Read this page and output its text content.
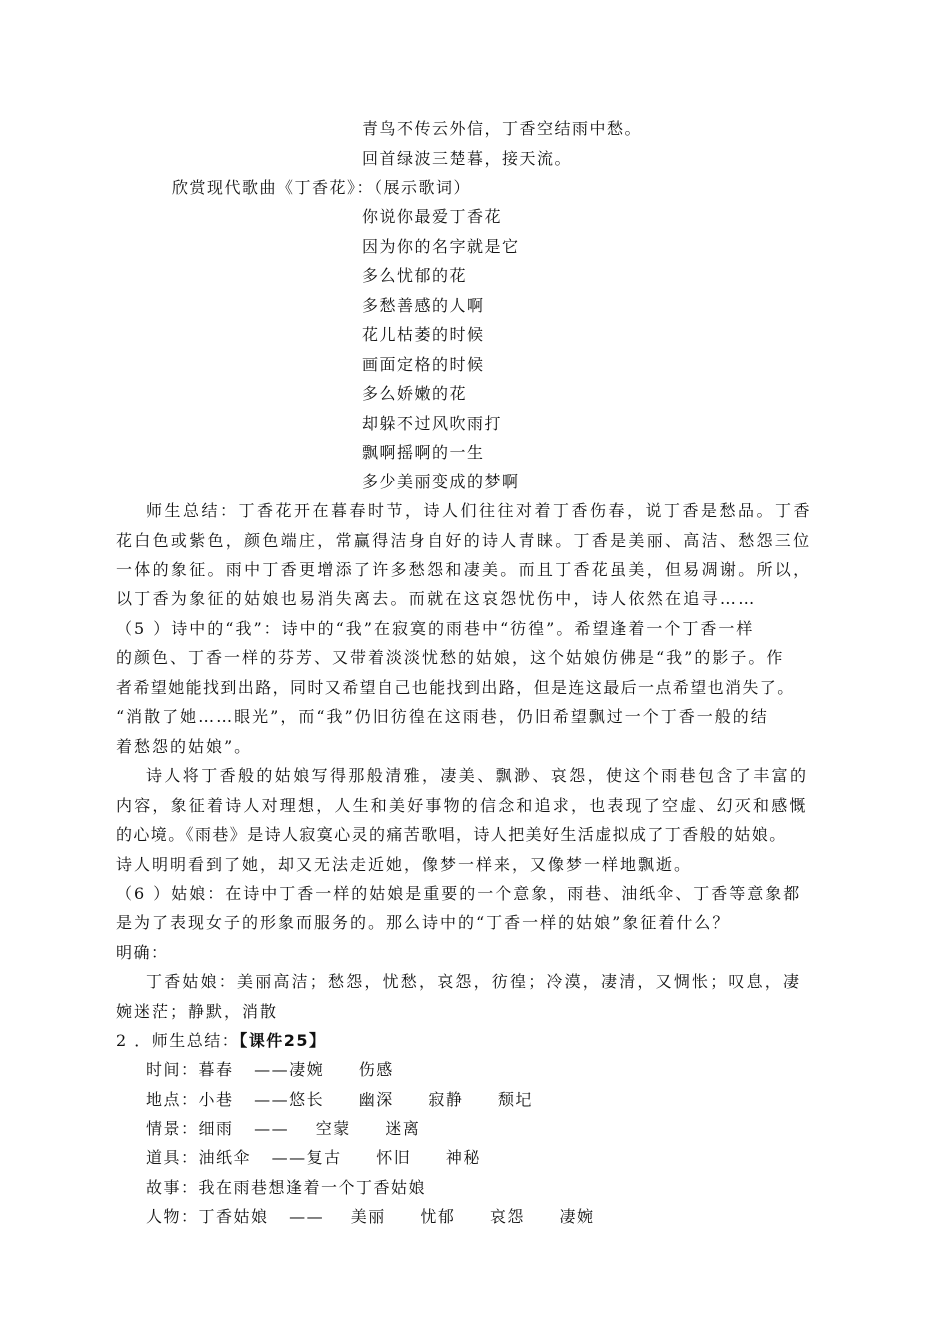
青鸟不传云外信，丁香空结雨中愁。
回首绿波三楚暮，接天流。
欣赏现代歌曲《丁香花》：（展示歌词）
你说你最爱丁香花
因为你的名字就是它
多么忧郁的花
多愁善感的人啊
花儿枯萎的时候
画面定格的时候
多么娇嫩的花
却躲不过风吹雨打
飘啊摇啊的一生
多少美丽变成的梦啊
师生总结：丁香花开在暮春时节，诗人们往往对着丁香伤春，说丁香是愁品。丁香
花白色或紫色，颜色端庄，常赢得洁身自好的诗人青睐。丁香是美丽、高洁、愁怨三位
一体的象征。雨中丁香更增添了许多愁怨和凄美。而且丁香花虽美，但易凋谢。所以，
以丁香为象征的姑娘也易消失离去。而就在这哀怨忧伤中，诗人依然在追寻……
（5 ）诗中的“我”：诗中的“我”在寂寞的雨巷中“彷徨”。希望逢着一个丁香一样
的颜色、丁香一样的芬芳、又带着淡淡忧愁的姑娘，这个姑娘仿佛是“我”的影子。作
者希望她能找到出路，同时又希望自己也能找到出路，但是连这最后一点希望也消失了。
“消散了她……眼光”，而“我”仍旧彷徨在这雨巷，仍旧希望飘过一个丁香一般的结
着愁怨的姑娘”。
诗人将丁香般的姑娘写得那般清雅，凄美、飘渺、哀怨，使这个雨巷包含了丰富的
内容，象征着诗人对理想，人生和美好事物的信念和追求，也表现了空虚、幻灭和感慨
的心境。《雨巷》是诗人寂寞心灵的痛苦歌唱，诗人把美好生活虚拟成了丁香般的姑娘。
诗人明明看到了她，却又无法走近她，像梦一样来，又像梦一样地飘逝。
（6 ）姑娘：在诗中丁香一样的姑娘是重要的一个意象，雨巷、油纸伞、丁香等意象都
是为了表现女子的形象而服务的。那么诗中的“丁香一样的姑娘”象征着什么？
明确：
丁香姑娘：美丽高洁；愁怨，忧愁，哀怨，彷徨；冷漠，凄清，又惆怅；叹息，凄
婉迷茫；静默，消散
2 ．师生总结：【课件25】
时间：暮春 ——凄婉 伤感
地点：小巷 ——悠长 幽深 寂静 颓圮
情景：细雨 —— 空蒙 迷离
道具：油纸伞 ——复古 怀旧 神秘
故事：我在雨巷想逢着一个丁香姑娘
人物：丁香姑娘 —— 美丽 忧郁 哀怨 凄婉
